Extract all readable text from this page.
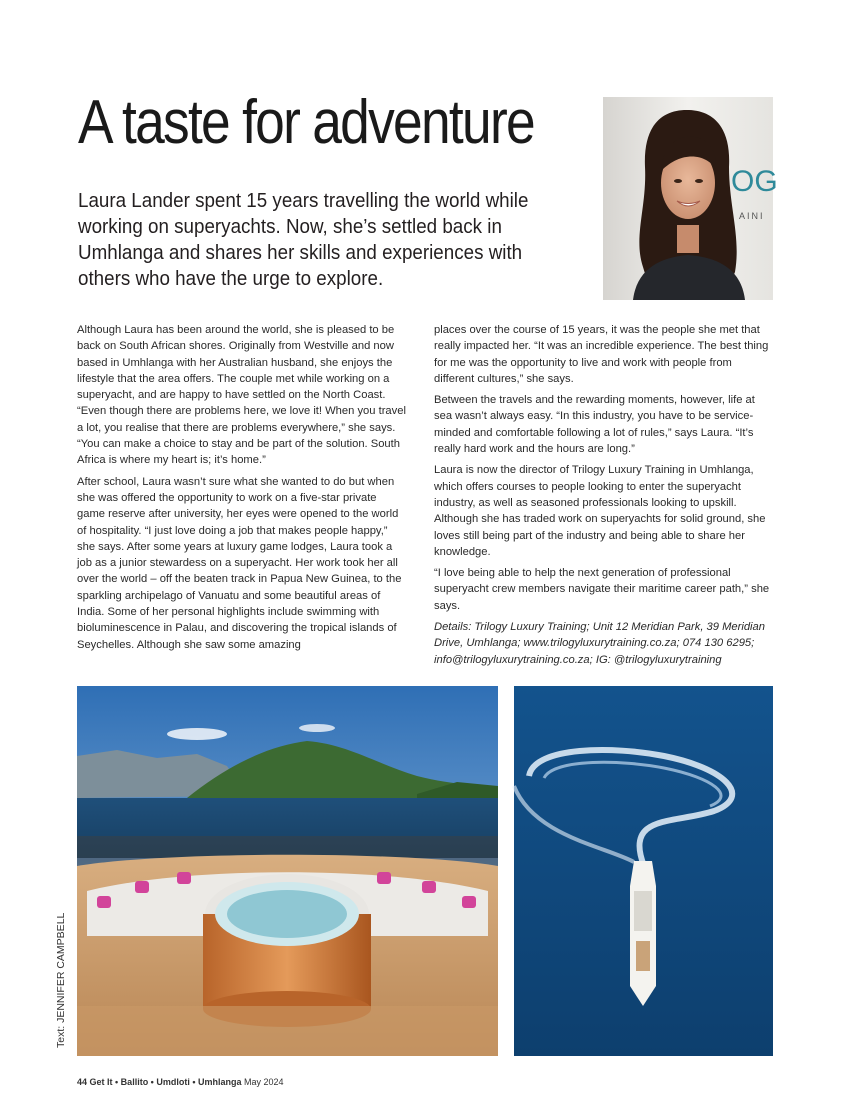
A taste for adventure

Laura Lander spent 15 years travelling the world while working on superyachts. Now, she’s settled back in Umhlanga and shares her skills and experiences with others who have the urge to explore.

OG
AINI

Although Laura has been around the world, she is pleased to be back on South African shores. Originally from Westville and now based in Umhlanga with her Australian husband, she enjoys the lifestyle that the area offers. The couple met while working on a superyacht, and are happy to have settled on the North Coast. “Even though there are problems here, we love it! When you travel a lot, you realise that there are problems everywhere,” she says. “You can make a choice to stay and be part of the solution. South Africa is where my heart is; it’s home.”

After school, Laura wasn’t sure what she wanted to do but when she was offered the opportunity to work on a five-star private game reserve after university, her eyes were opened to the world of hospitality. “I just love doing a job that makes people happy,” she says. After some years at luxury game lodges, Laura took a job as a junior stewardess on a superyacht. Her work took her all over the world – off the beaten track in Papua New Guinea, to the sparkling archipelago of Vanuatu and some beautiful areas of India. Some of her personal highlights include swimming with bioluminescence in Palau, and discovering the tropical islands of Seychelles. Although she saw some amazing

places over the course of 15 years, it was the people she met that really impacted her. “It was an incredible experience. The best thing for me was the opportunity to live and work with people from different cultures,” she says.

Between the travels and the rewarding moments, however, life at sea wasn’t always easy. “In this industry, you have to be service-minded and comfortable following a lot of rules,” says Laura. “It’s really hard work and the hours are long.”

Laura is now the director of Trilogy Luxury Training in Umhlanga, which offers courses to people looking to enter the superyacht industry, as well as seasoned professionals looking to upskill. Although she has traded work on superyachts for solid ground, she loves still being part of the industry and being able to share her knowledge.

“I love being able to help the next generation of professional superyacht crew members navigate their maritime career path,” she says.

Details: Trilogy Luxury Training; Unit 12 Meridian Park, 39 Meridian Drive, Umhlanga; www.trilogyluxurytraining.co.za; 074 130 6295; info@trilogyluxurytraining.co.za; IG: @trilogyluxurytraining

Text: JENNIFER CAMPBELL
44 Get It • Ballito • Umdloti • Umhlanga May 2024
